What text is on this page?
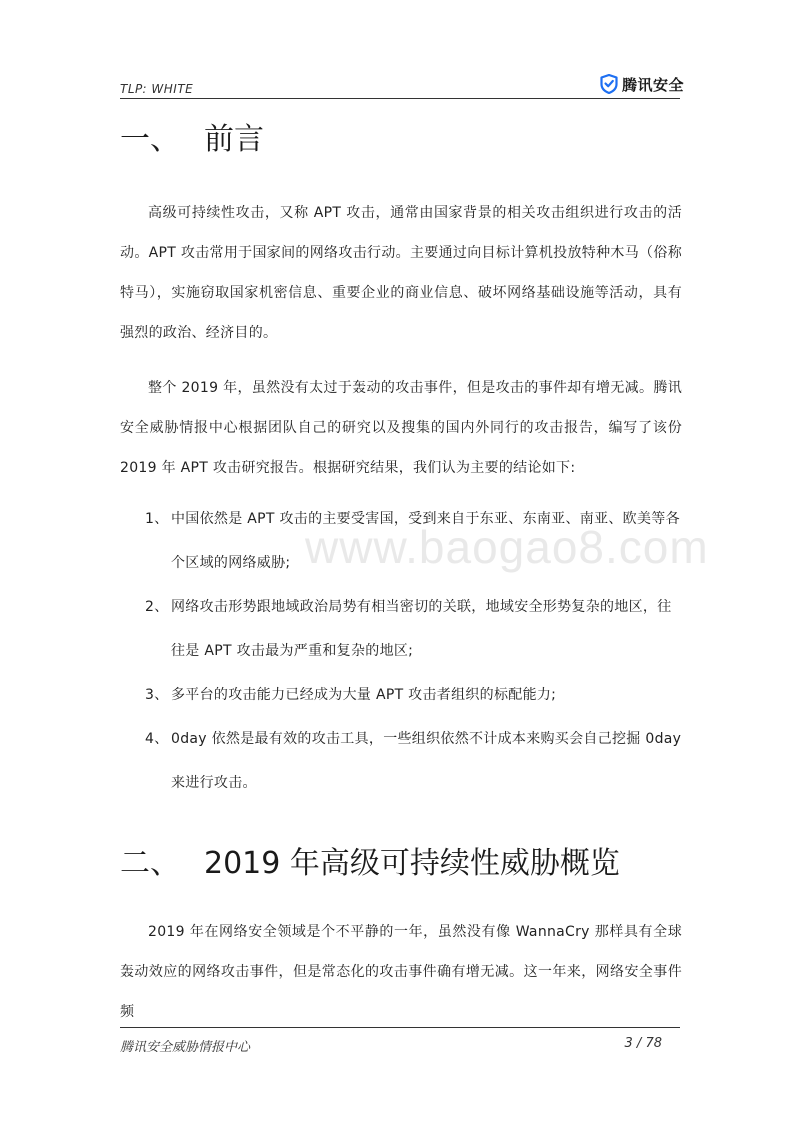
TLP: WHITE	腾讯安全
一、 前言

高级可持续性攻击，又称 APT 攻击，通常由国家背景的相关攻击组织进行攻击的活动。APT 攻击常用于国家间的网络攻击行动。主要通过向目标计算机投放特种木马（俗称特马），实施窃取国家机密信息、重要企业的商业信息、破坏网络基础设施等活动，具有强烈的政治、经济目的。

整个 2019 年，虽然没有太过于轰动的攻击事件，但是攻击的事件却有增无减。腾讯安全威胁情报中心根据团队自己的研究以及搜集的国内外同行的攻击报告，编写了该份 2019 年 APT 攻击研究报告。根据研究结果，我们认为主要的结论如下:

www.baogao8.com
1、 中国依然是 APT 攻击的主要受害国，受到来自于东亚、东南亚、南亚、欧美等各个区域的网络威胁;
2、 网络攻击形势跟地域政治局势有相当密切的关联，地域安全形势复杂的地区，往往是 APT 攻击最为严重和复杂的地区;
3、 多平台的攻击能力已经成为大量 APT 攻击者组织的标配能力;
4、 0day 依然是最有效的攻击工具，一些组织依然不计成本来购买会自己挖掘 0day 来进行攻击。
二、 2019 年高级可持续性威胁概览

2019 年在网络安全领域是个不平静的一年，虽然没有像 WannaCry 那样具有全球轰动效应的网络攻击事件，但是常态化的攻击事件确有增无减。这一年来，网络安全事件频

腾讯安全威胁情报中心	3 / 78
